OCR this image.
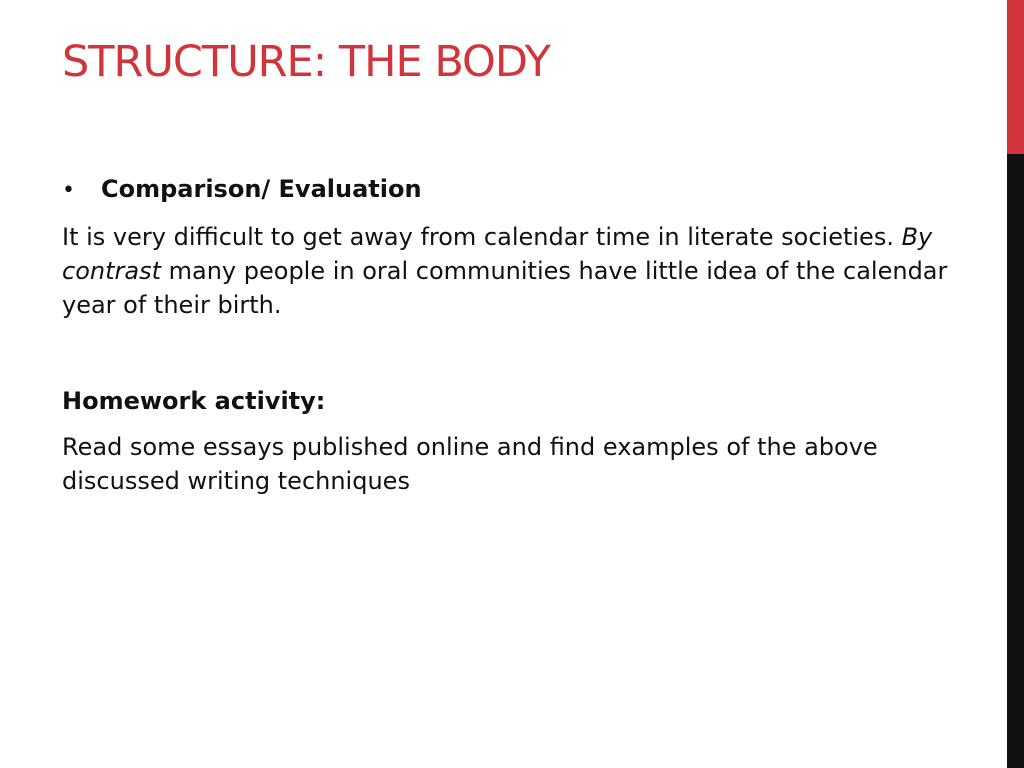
STRUCTURE: THE BODY
•	Comparison/ Evaluation

It is very difficult to get away from calendar time in literate societies. By contrast many people in oral communities have little idea of the calendar year of their birth.

Homework activity:

Read some essays published online and find examples of the above discussed writing techniques
